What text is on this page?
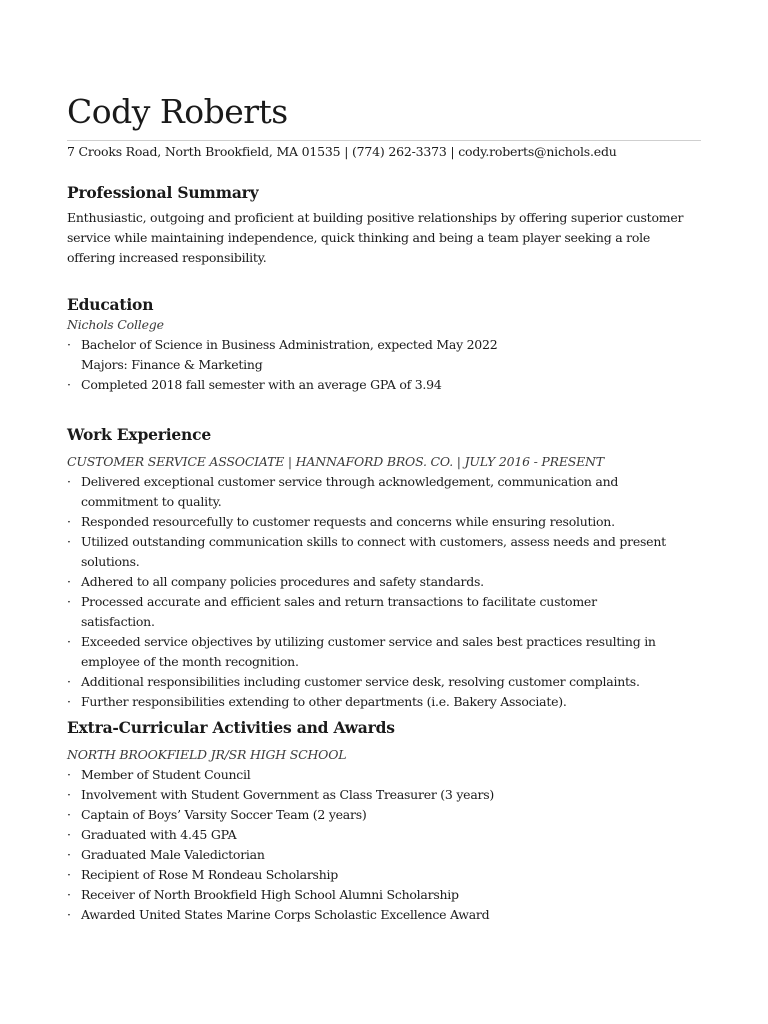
Cody Roberts

7 Crooks Road, North Brookfield, MA 01535 | (774) 262-3373 | cody.roberts@nichols.edu

Professional Summary

Enthusiastic, outgoing and proficient at building positive relationships by offering superior customer service while maintaining independence, quick thinking and being a team player seeking a role offering increased responsibility.

Education

Nichols College

· Bachelor of Science in Business Administration, expected May 2022
Majors: Finance & Marketing
· Completed 2018 fall semester with an average GPA of 3.94
Work Experience

CUSTOMER SERVICE ASSOCIATE | HANNAFORD BROS. CO. | JULY 2016 - PRESENT

· Delivered exceptional customer service through acknowledgement, communication and commitment to quality.
· Responded resourcefully to customer requests and concerns while ensuring resolution.
· Utilized outstanding communication skills to connect with customers, assess needs and present solutions.
· Adhered to all company policies procedures and safety standards.
· Processed accurate and efficient sales and return transactions to facilitate customer satisfaction.
· Exceeded service objectives by utilizing customer service and sales best practices resulting in employee of the month recognition.
· Additional responsibilities including customer service desk, resolving customer complaints.
· Further responsibilities extending to other departments (i.e. Bakery Associate).
Extra-Curricular Activities and Awards

NORTH BROOKFIELD JR/SR HIGH SCHOOL

· Member of Student Council
· Involvement with Student Government as Class Treasurer (3 years)
· Captain of Boys’ Varsity Soccer Team (2 years)
· Graduated with 4.45 GPA
· Graduated Male Valedictorian
· Recipient of Rose M Rondeau Scholarship
· Receiver of North Brookfield High School Alumni Scholarship
· Awarded United States Marine Corps Scholastic Excellence Award
